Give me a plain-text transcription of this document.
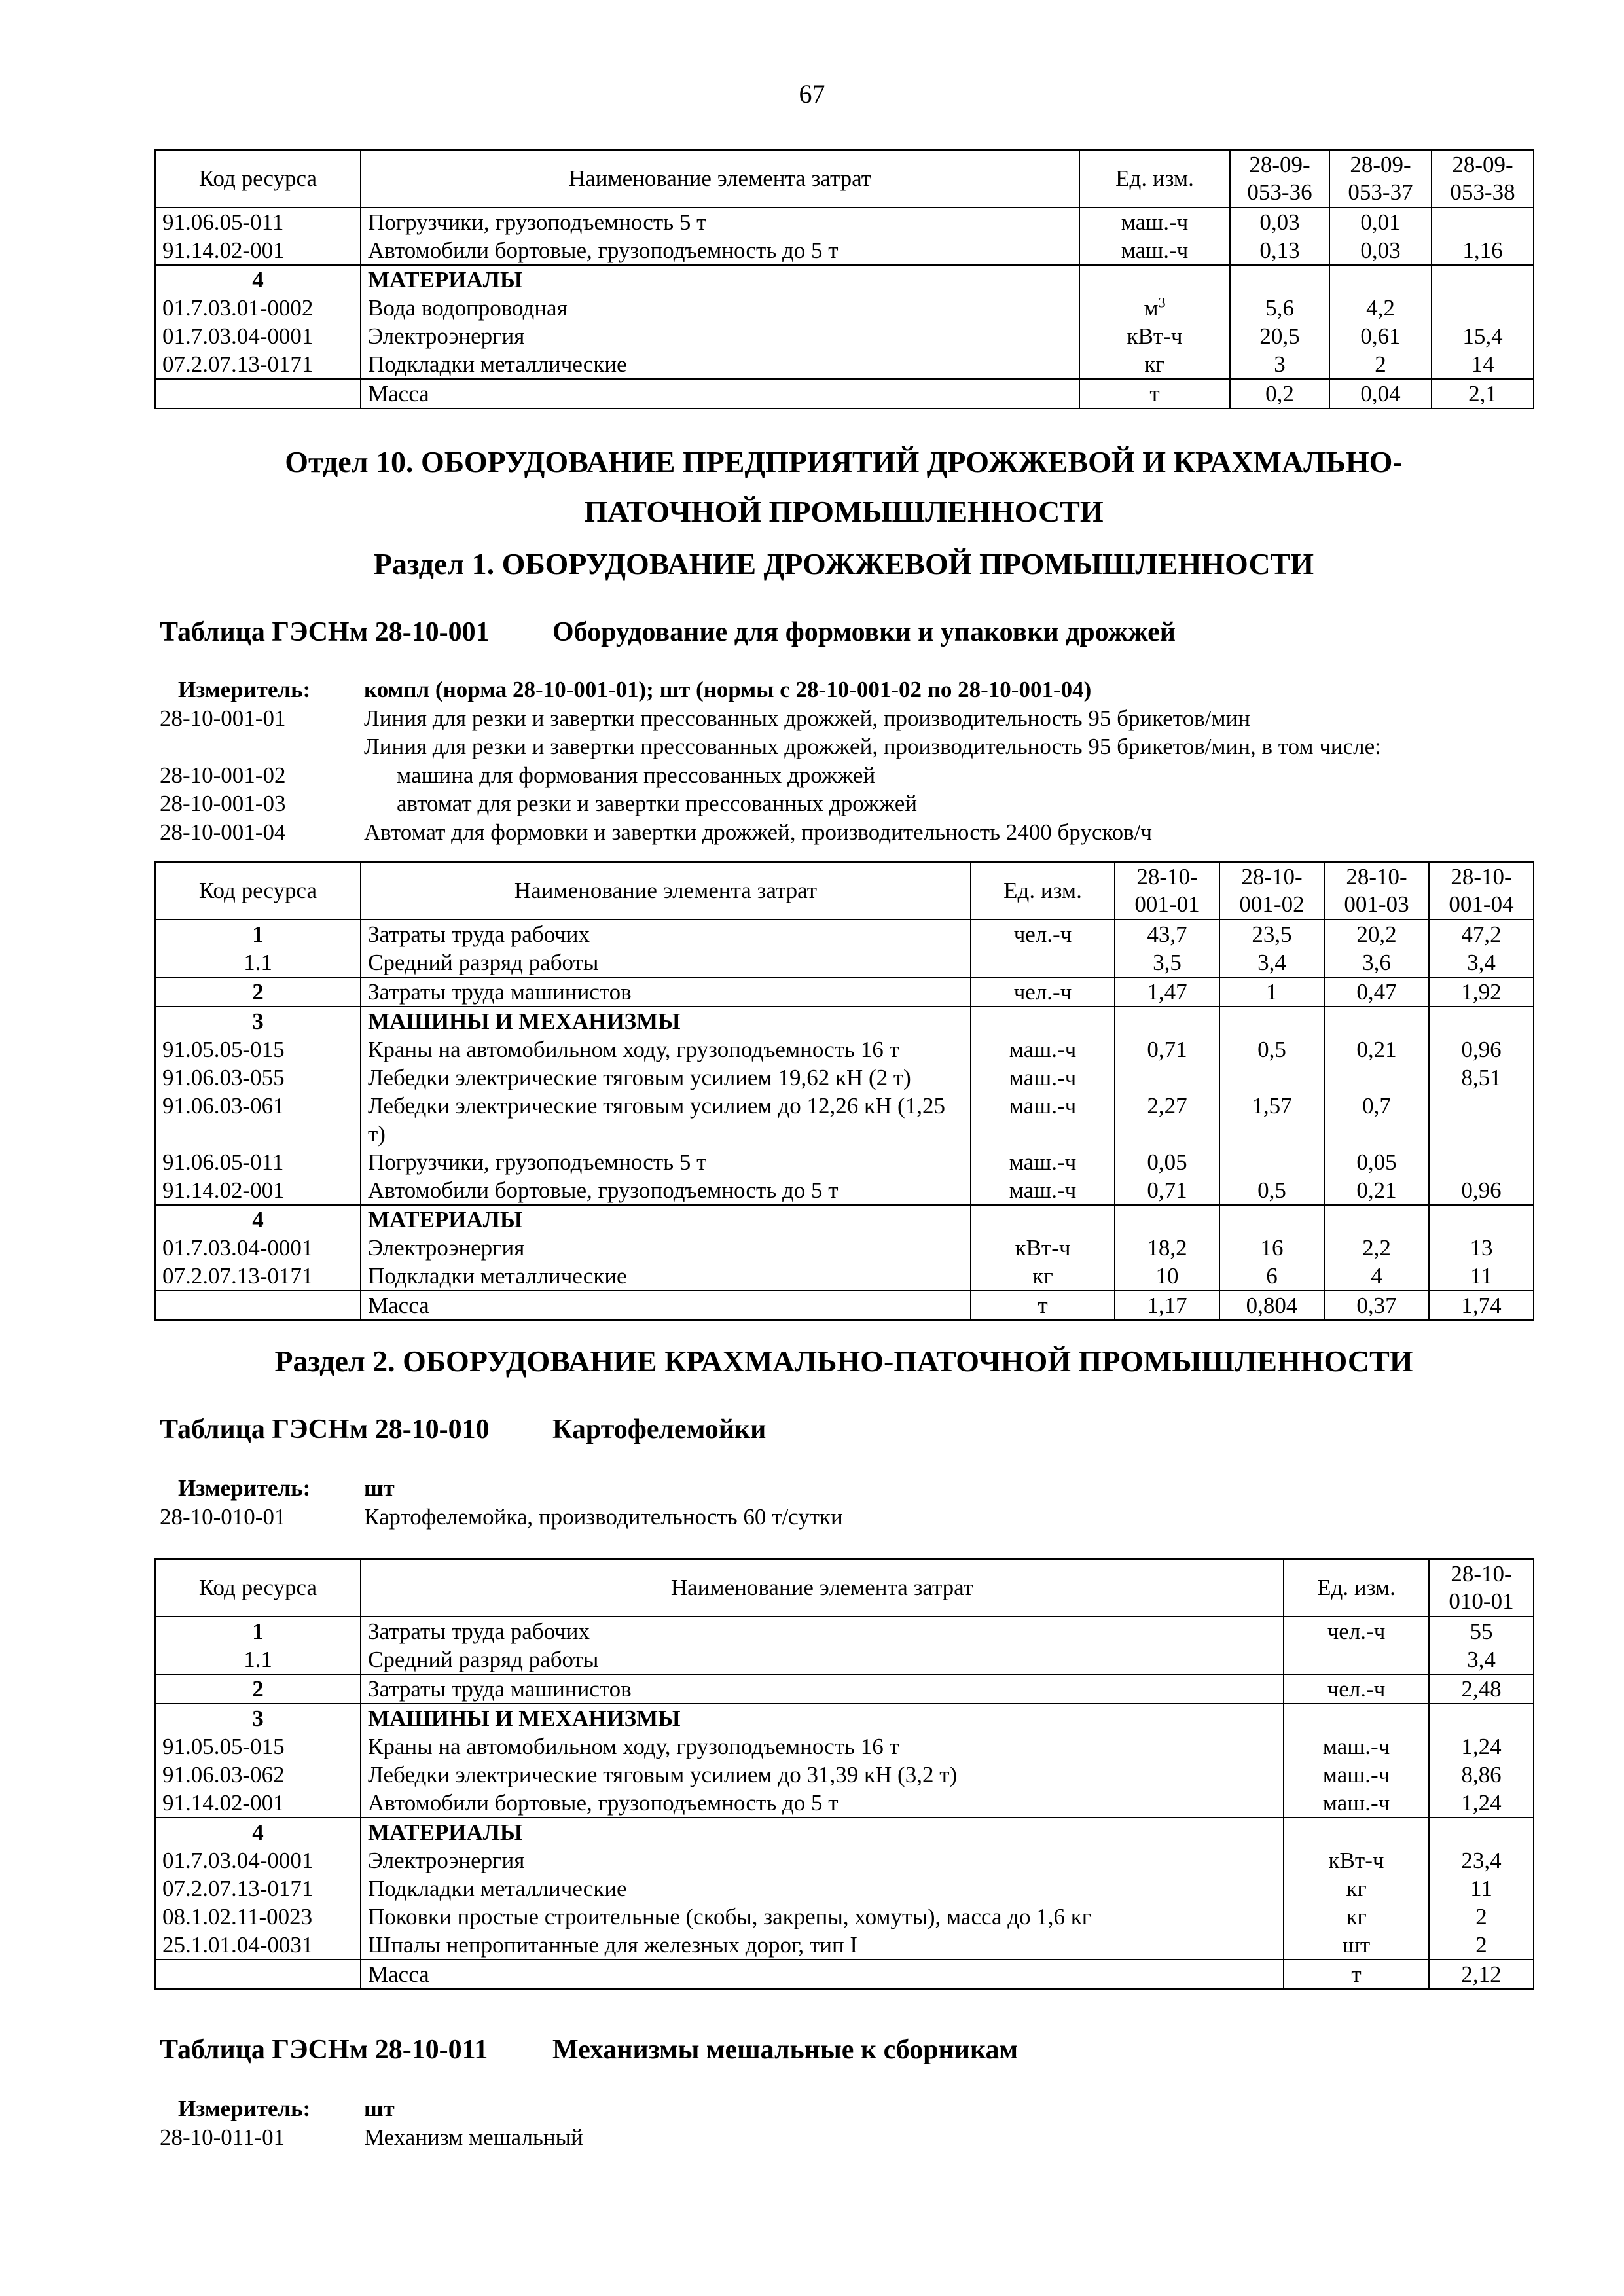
67
Код ресурса	Наименование элемента затрат	Ед. изм.	28-09-053-36	28-09-053-37	28-09-053-38
91.06.05-011	Погрузчики, грузоподъемность 5 т	маш.-ч	0,03	0,01	
91.14.02-001	Автомобили бортовые, грузоподъемность до 5 т	маш.-ч	0,13	0,03	1,16
4	МАТЕРИАЛЫ				
01.7.03.01-0002	Вода водопроводная	$м^3$	5,6	4,2	
01.7.03.04-0001	Электроэнергия	кВт-ч	20,5	0,61	15,4
07.2.07.13-0171	Подкладки металлические	кг	3	2	14
	Масса	т	0,2	0,04	2,1
Отдел 10. ОБОРУДОВАНИЕ ПРЕДПРИЯТИЙ ДРОЖЖЕВОЙ И КРАХМАЛЬНО-
ПАТОЧНОЙ ПРОМЫШЛЕННОСТИ
Раздел 1. ОБОРУДОВАНИЕ ДРОЖЖЕВОЙ ПРОМЫШЛЕННОСТИ
Таблица ГЭСНм 28-10-001 Оборудование для формовки и упаковки дрожжей
Измеритель: компл (норма 28-10-001-01); шт (нормы с 28-10-001-02 по 28-10-001-04)
28-10-001-01	Линия для резки и завертки прессованных дрожжей, производительность 95 брикетов/мин
Линия для резки и завертки прессованных дрожжей, производительность 95 брикетов/мин, в том числе:
28-10-001-02	машина для формования прессованных дрожжей
28-10-001-03	автомат для резки и завертки прессованных дрожжей
28-10-001-04	Автомат для формовки и завертки дрожжей, производительность 2400 брусков/ч
Код ресурса	Наименование элемента затрат	Ед. изм.	28-10-001-01	28-10-001-02	28-10-001-03	28-10-001-04
1	Затраты труда рабочих	чел.-ч	43,7	23,5	20,2	47,2
1.1	Средний разряд работы		3,5	3,4	3,6	3,4
2	Затраты труда машинистов	чел.-ч	1,47	1	0,47	1,92
3	МАШИНЫ И МЕХАНИЗМЫ					
91.05.05-015	Краны на автомобильном ходу, грузоподъемность 16 т	маш.-ч	0,71	0,5	0,21	0,96
91.06.03-055	Лебедки электрические тяговым усилием 19,62 кН (2 т)	маш.-ч				8,51
91.06.03-061	Лебедки электрические тяговым усилием до 12,26 кН (1,25 т)	маш.-ч	2,27	1,57	0,7	
91.06.05-011	Погрузчики, грузоподъемность 5 т	маш.-ч	0,05		0,05	
91.14.02-001	Автомобили бортовые, грузоподъемность до 5 т	маш.-ч	0,71	0,5	0,21	0,96
4	МАТЕРИАЛЫ					
01.7.03.04-0001	Электроэнергия	кВт-ч	18,2	16	2,2	13
07.2.07.13-0171	Подкладки металлические	кг	10	6	4	11
	Масса	т	1,17	0,804	0,37	1,74
Раздел 2. ОБОРУДОВАНИЕ КРАХМАЛЬНО-ПАТОЧНОЙ ПРОМЫШЛЕННОСТИ
Таблица ГЭСНм 28-10-010 Картофелемойки
Измеритель: шт
28-10-010-01	Картофелемойка, производительность 60 т/сутки
Код ресурса	Наименование элемента затрат	Ед. изм.	28-10-010-01
1	Затраты труда рабочих	чел.-ч	55
1.1	Средний разряд работы		3,4
2	Затраты труда машинистов	чел.-ч	2,48
3	МАШИНЫ И МЕХАНИЗМЫ		
91.05.05-015	Краны на автомобильном ходу, грузоподъемность 16 т	маш.-ч	1,24
91.06.03-062	Лебедки электрические тяговым усилием до 31,39 кН (3,2 т)	маш.-ч	8,86
91.14.02-001	Автомобили бортовые, грузоподъемность до 5 т	маш.-ч	1,24
4	МАТЕРИАЛЫ		
01.7.03.04-0001	Электроэнергия	кВт-ч	23,4
07.2.07.13-0171	Подкладки металлические	кг	11
08.1.02.11-0023	Поковки простые строительные (скобы, закрепы, хомуты), масса до 1,6 кг	кг	2
25.1.01.04-0031	Шпалы непропитанные для железных дорог, тип I	шт	2
	Масса	т	2,12
Таблица ГЭСНм 28-10-011 Механизмы мешальные к сборникам
Измеритель: шт
28-10-011-01	Механизм мешальный
